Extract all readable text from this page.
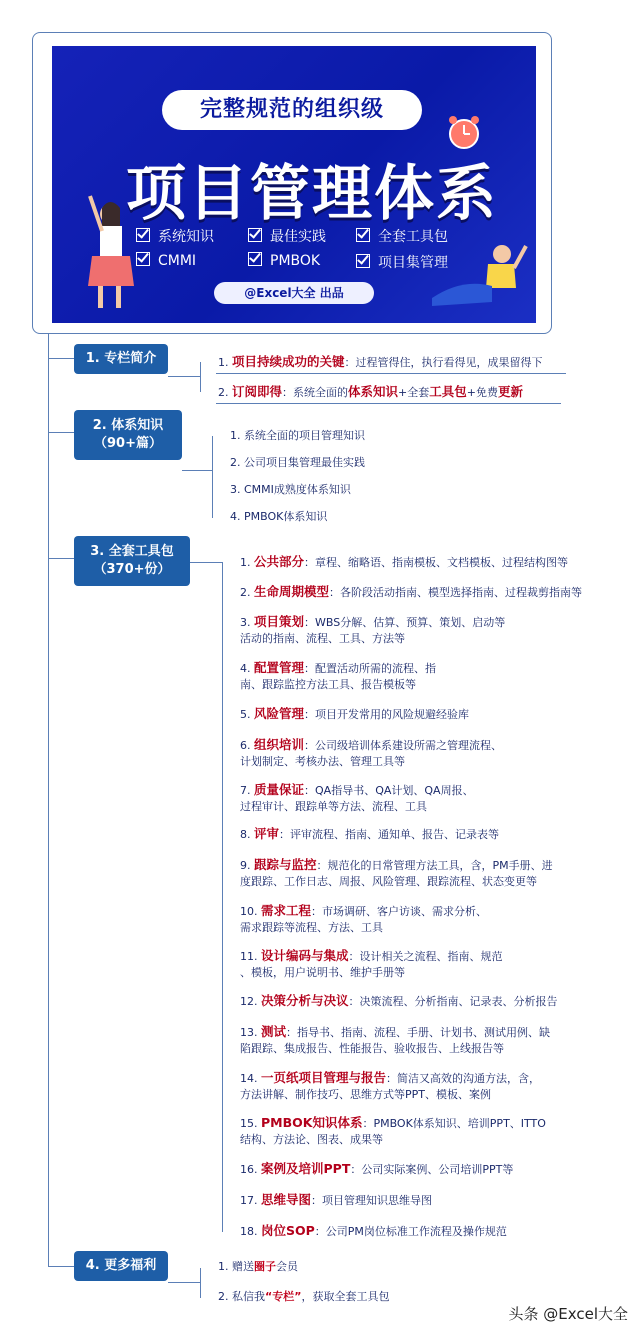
完整规范的组织级
项目管理体系
系统知识	最佳实践	全套工具包
CMMI	PMBOK	项目集管理
@Excel大全 出品
1. 专栏简介	1. 项目持续成功的关键：过程管得住，执行看得见，成果留得下
2. 订阅即得：系统全面的体系知识+全套工具包+免费更新
2. 体系知识
（90+篇）
1. 系统全面的项目管理知识
2. 公司项目集管理最佳实践
3. CMMI成熟度体系知识
4. PMBOK体系知识
3. 全套工具包
（370+份）	1. 公共部分：章程、缩略语、指南模板、文档模板、过程结构图等
2. 生命周期模型：各阶段活动指南、模型选择指南、过程裁剪指南等
3. 项目策划：WBS分解、估算、预算、策划、启动等
活动的指南、流程、工具、方法等
4. 配置管理：配置活动所需的流程、指
南、跟踪监控方法工具、报告模板等
5. 风险管理：项目开发常用的风险规避经验库
6. 组织培训：公司级培训体系建设所需之管理流程、
计划制定、考核办法、管理工具等
7. 质量保证：QA指导书、QA计划、QA周报、
过程审计、跟踪单等方法、流程、工具
8. 评审：评审流程、指南、通知单、报告、记录表等
9. 跟踪与监控：规范化的日常管理方法工具，含，PM手册、进
度跟踪、工作日志、周报、风险管理、跟踪流程、状态变更等
10. 需求工程：市场调研、客户访谈、需求分析、
需求跟踪等流程、方法、工具
11. 设计编码与集成：设计相关之流程、指南、规范
、模板，用户说明书、维护手册等
12. 决策分析与决议：决策流程、分析指南、记录表、分析报告
13. 测试：指导书、指南、流程、手册、计划书、测试用例、缺
陷跟踪、集成报告、性能报告、验收报告、上线报告等
14. 一页纸项目管理与报告：简洁又高效的沟通方法，含，
方法讲解、制作技巧、思维方式等PPT、模板、案例
15. PMBOK知识体系：PMBOK体系知识、培训PPT、ITTO
结构、方法论、图表、成果等
16. 案例及培训PPT：公司实际案例、公司培训PPT等
17. 思维导图：项目管理知识思维导图
18. 岗位SOP：公司PM岗位标准工作流程及操作规范
4. 更多福利	1. 赠送圈子会员
2. 私信我“专栏”，获取全套工具包
头条 @Excel大全
